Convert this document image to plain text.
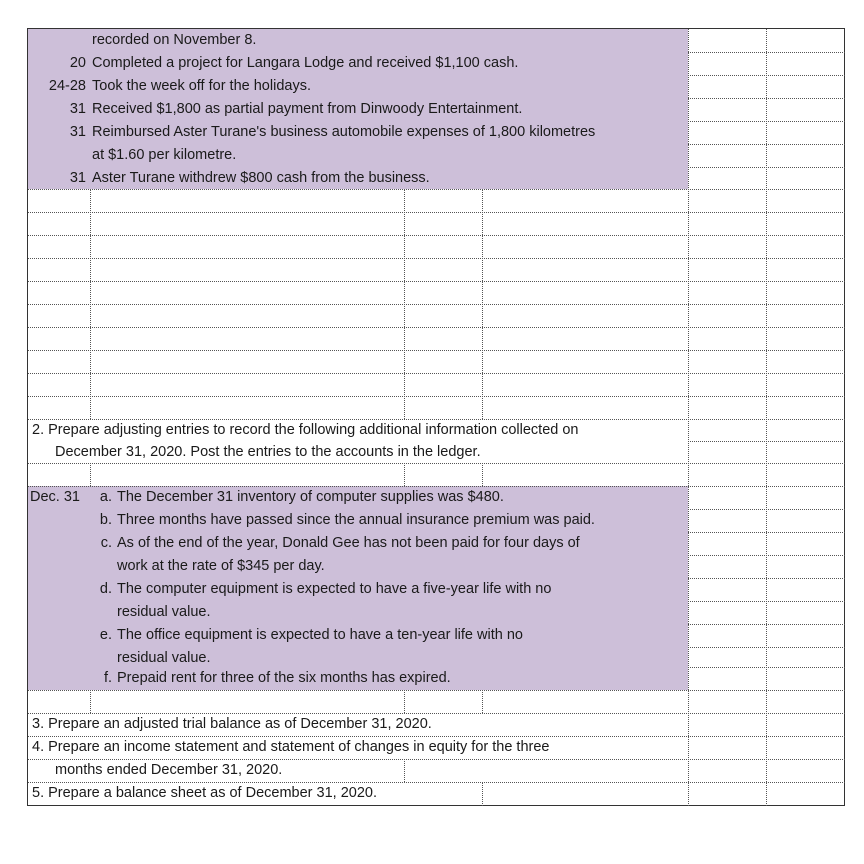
recorded on November 8.
20 Completed a project for Langara Lodge and received $1,100 cash.
24-28 Took the week off for the holidays.
31 Received $1,800 as partial payment from Dinwoody Entertainment.
31 Reimbursed Aster Turane's business automobile expenses of 1,800 kilometres
at $1.60 per kilometre.
31 Aster Turane withdrew $800 cash from the business.
2. Prepare adjusting entries to record the following additional information collected on
December 31, 2020. Post the entries to the accounts in the ledger.
Dec. 31	a. The December 31 inventory of computer supplies was $480.
b. Three months have passed since the annual insurance premium was paid.
c. As of the end of the year, Donald Gee has not been paid for four days of
work at the rate of $345 per day.
d. The computer equipment is expected to have a five-year life with no
residual value.
e. The office equipment is expected to have a ten-year life with no
residual value.
f. Prepaid rent for three of the six months has expired.
3. Prepare an adjusted trial balance as of December 31, 2020.
4. Prepare an income statement and statement of changes in equity for the three
months ended December 31, 2020.
5. Prepare a balance sheet as of December 31, 2020.
